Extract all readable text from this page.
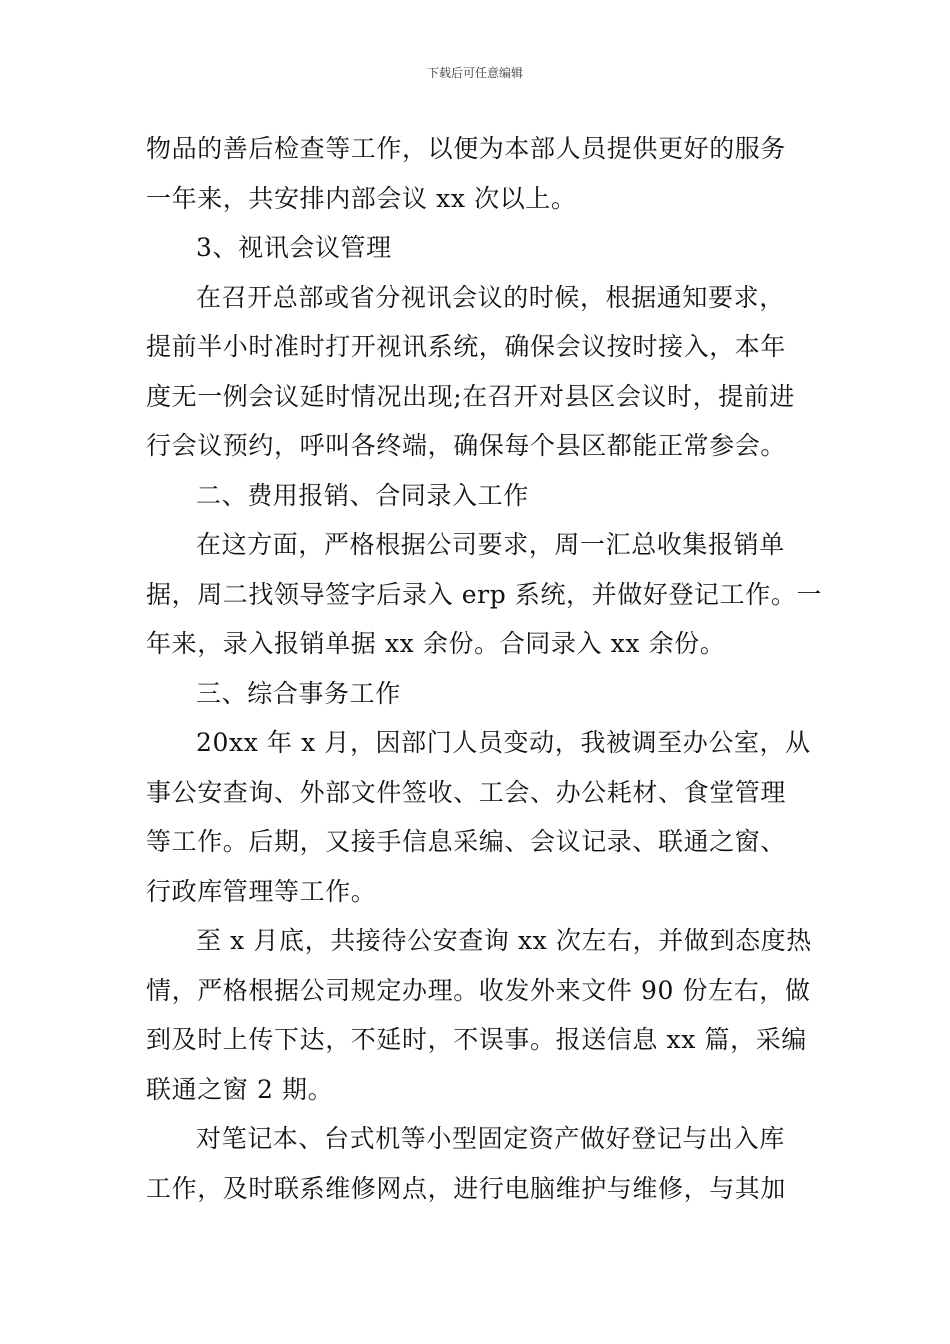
下载后可任意编辑
物品的善后检查等工作，以便为本部人员提供更好的服务
一年来，共安排内部会议 xx 次以上。
3、视讯会议管理
在召开总部或省分视讯会议的时候，根据通知要求，
提前半小时准时打开视讯系统，确保会议按时接入，本年
度无一例会议延时情况出现;在召开对县区会议时，提前进
行会议预约，呼叫各终端，确保每个县区都能正常参会。
二、费用报销、合同录入工作
在这方面，严格根据公司要求，周一汇总收集报销单
据，周二找领导签字后录入 erp 系统，并做好登记工作。一
年来，录入报销单据 xx 余份。合同录入 xx 余份。
三、综合事务工作
20xx 年 x 月，因部门人员变动，我被调至办公室，从
事公安查询、外部文件签收、工会、办公耗材、食堂管理
等工作。后期，又接手信息采编、会议记录、联通之窗、
行政库管理等工作。
至 x 月底，共接待公安查询 xx 次左右，并做到态度热
情，严格根据公司规定办理。收发外来文件 90 份左右，做
到及时上传下达，不延时，不误事。报送信息 xx 篇，采编
联通之窗 2 期。
对笔记本、台式机等小型固定资产做好登记与出入库
工作，及时联系维修网点，进行电脑维护与维修，与其加
